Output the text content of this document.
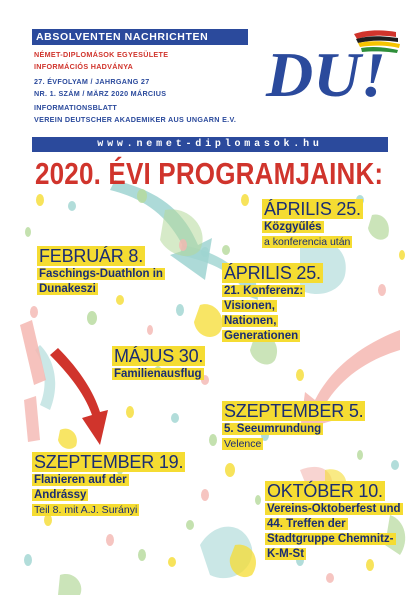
ABSOLVENTEN NACHRICHTEN
NÉMET-DIPLOMÁSOK EGYESÜLETE
INFORMÁCIÓS HADVÁNYA
27. ÉVFOLYAM / JAHRGANG 27
NR. 1. SZÁM / MÄRZ 2020 MÁRCIUS
INFORMATIONSBLATT
VEREIN DEUTSCHER AKADEMIKER AUS UNGARN E.V.
DU!
www.nemet-diplomasok.hu
2020. ÉVI PROGRAMJAINK:
ÁPRILIS 25.
Közgyűlés
a konferencia után
FEBRUÁR 8.
Faschings-Duathlon in Dunakeszi
ÁPRILIS 25.
21. Konferenz: Visionen, Nationen, Generationen
MÁJUS 30.
Familienausflug
SZEPTEMBER 5.
5. Seeumrundung
Velence
SZEPTEMBER 19.
Flanieren auf der Andrássy
Teil 8. mit A.J. Surányi
OKTÓBER 10.
Vereins-Oktoberfest und 44. Treffen der Stadtgruppe Chemnitz-K-M-St
